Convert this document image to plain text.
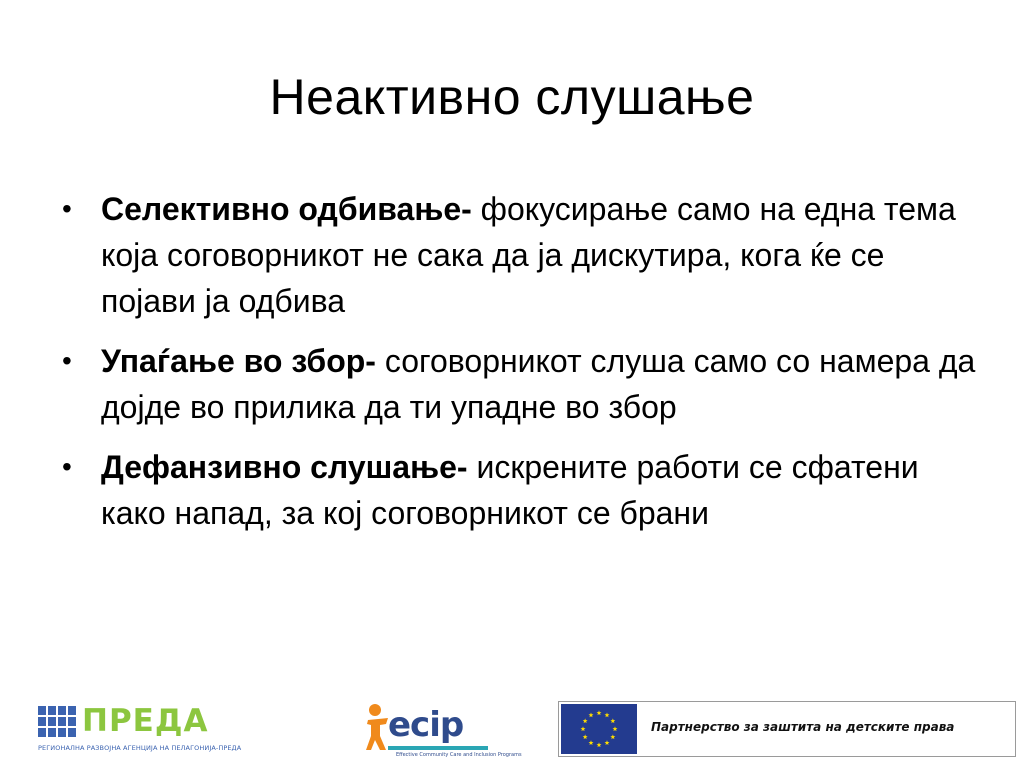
Неактивно слушање
• Селективно одбивање- фокусирање само на една тема која соговорникот не сака да ја дискутира, кога ќе се појави ја одбива
• Упаѓање во збор- соговорникот слуша само со намера да дојде во прилика да ти упадне во збор
• Дефанзивно слушање- искрените работи се сфатени како напад, за кој соговорникот се брани
ПРЕДА
РЕГИОНАЛНА РАЗВОЈНА АГЕНЦИЈА НА ПЕЛАГОНИЈА-ПРЕДА
ecip
Effective Community Care and Inclusion Programs
Партнерство за заштита на детските права
